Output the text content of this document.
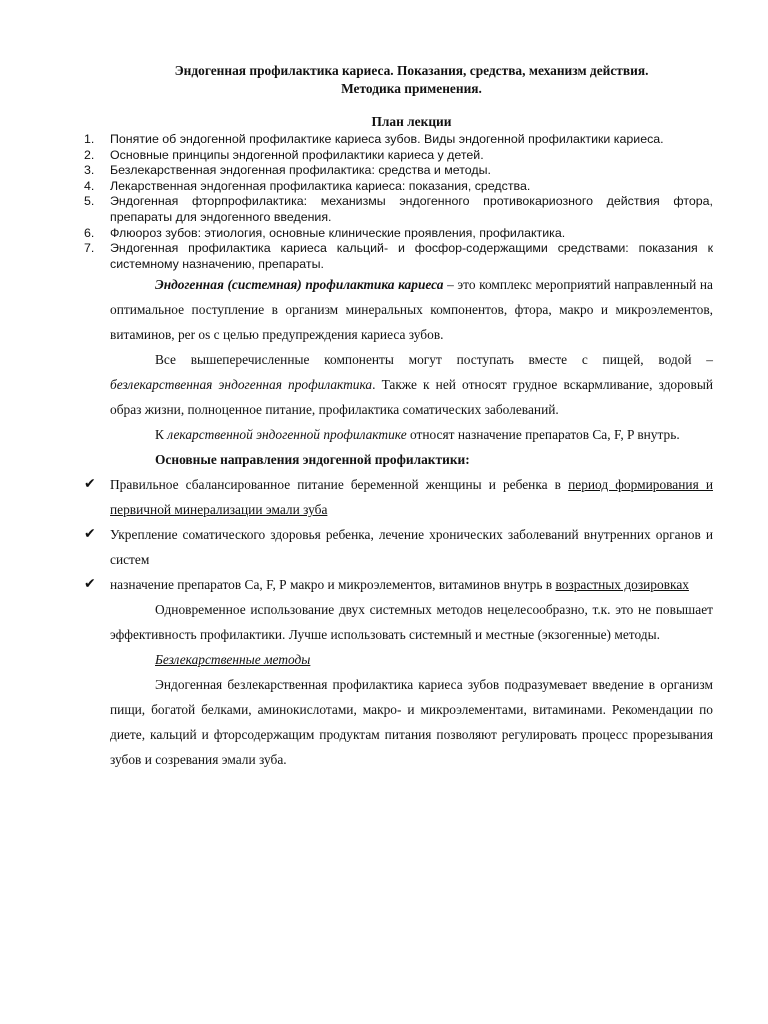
Эндогенная профилактика кариеса. Показания, средства, механизм действия.
Методика применения.
План лекции
1. Понятие об эндогенной профилактике кариеса зубов. Виды эндогенной профилактики кариеса.
2. Основные принципы эндогенной профилактики кариеса у детей.
3. Безлекарственная эндогенная профилактика: средства и методы.
4. Лекарственная эндогенная профилактика кариеса: показания, средства.
5. Эндогенная фторпрофилактика: механизмы эндогенного противокариозного действия фтора, препараты для эндогенного введения.
6. Флюороз зубов: этиология, основные клинические проявления, профилактика.
7. Эндогенная профилактика кариеса кальций- и фосфор-содержащими средствами: показания к системному назначению, препараты.

Эндогенная (системная) профилактика кариеса – это комплекс мероприятий направленный на оптимальное поступление в организм минеральных компонентов, фтора, макро и микроэлементов, витаминов, per os с целью предупреждения кариеса зубов.

Все вышеперечисленные компоненты могут поступать вместе с пищей, водой – безлекарственная эндогенная профилактика. Также к ней относят грудное вскармливание, здоровый образ жизни, полноценное питание, профилактика соматических заболеваний.

К лекарственной эндогенной профилактике относят назначение препаратов Ca, F, P внутрь.

Основные направления эндогенной профилактики:
✔ Правильное сбалансированное питание беременной женщины и ребенка в период формирования и первичной минерализации эмали зуба
✔ Укрепление соматического здоровья ребенка, лечение хронических заболеваний внутренних органов и систем
✔ назначение препаратов Са, F, Р макро и микроэлементов, витаминов внутрь в возрастных дозировках

Одновременное использование двух системных методов нецелесообразно, т.к. это не повышает эффективность профилактики. Лучше использовать системный и местные (экзогенные) методы.

Безлекарственные методы

Эндогенная безлекарственная профилактика кариеса зубов подразумевает введение в организм пищи, богатой белками, аминокислотами, макро- и микроэлементами, витаминами. Рекомендации по диете, кальций и фторсодержащим продуктам питания позволяют регулировать процесс прорезывания зубов и созревания эмали зуба.
